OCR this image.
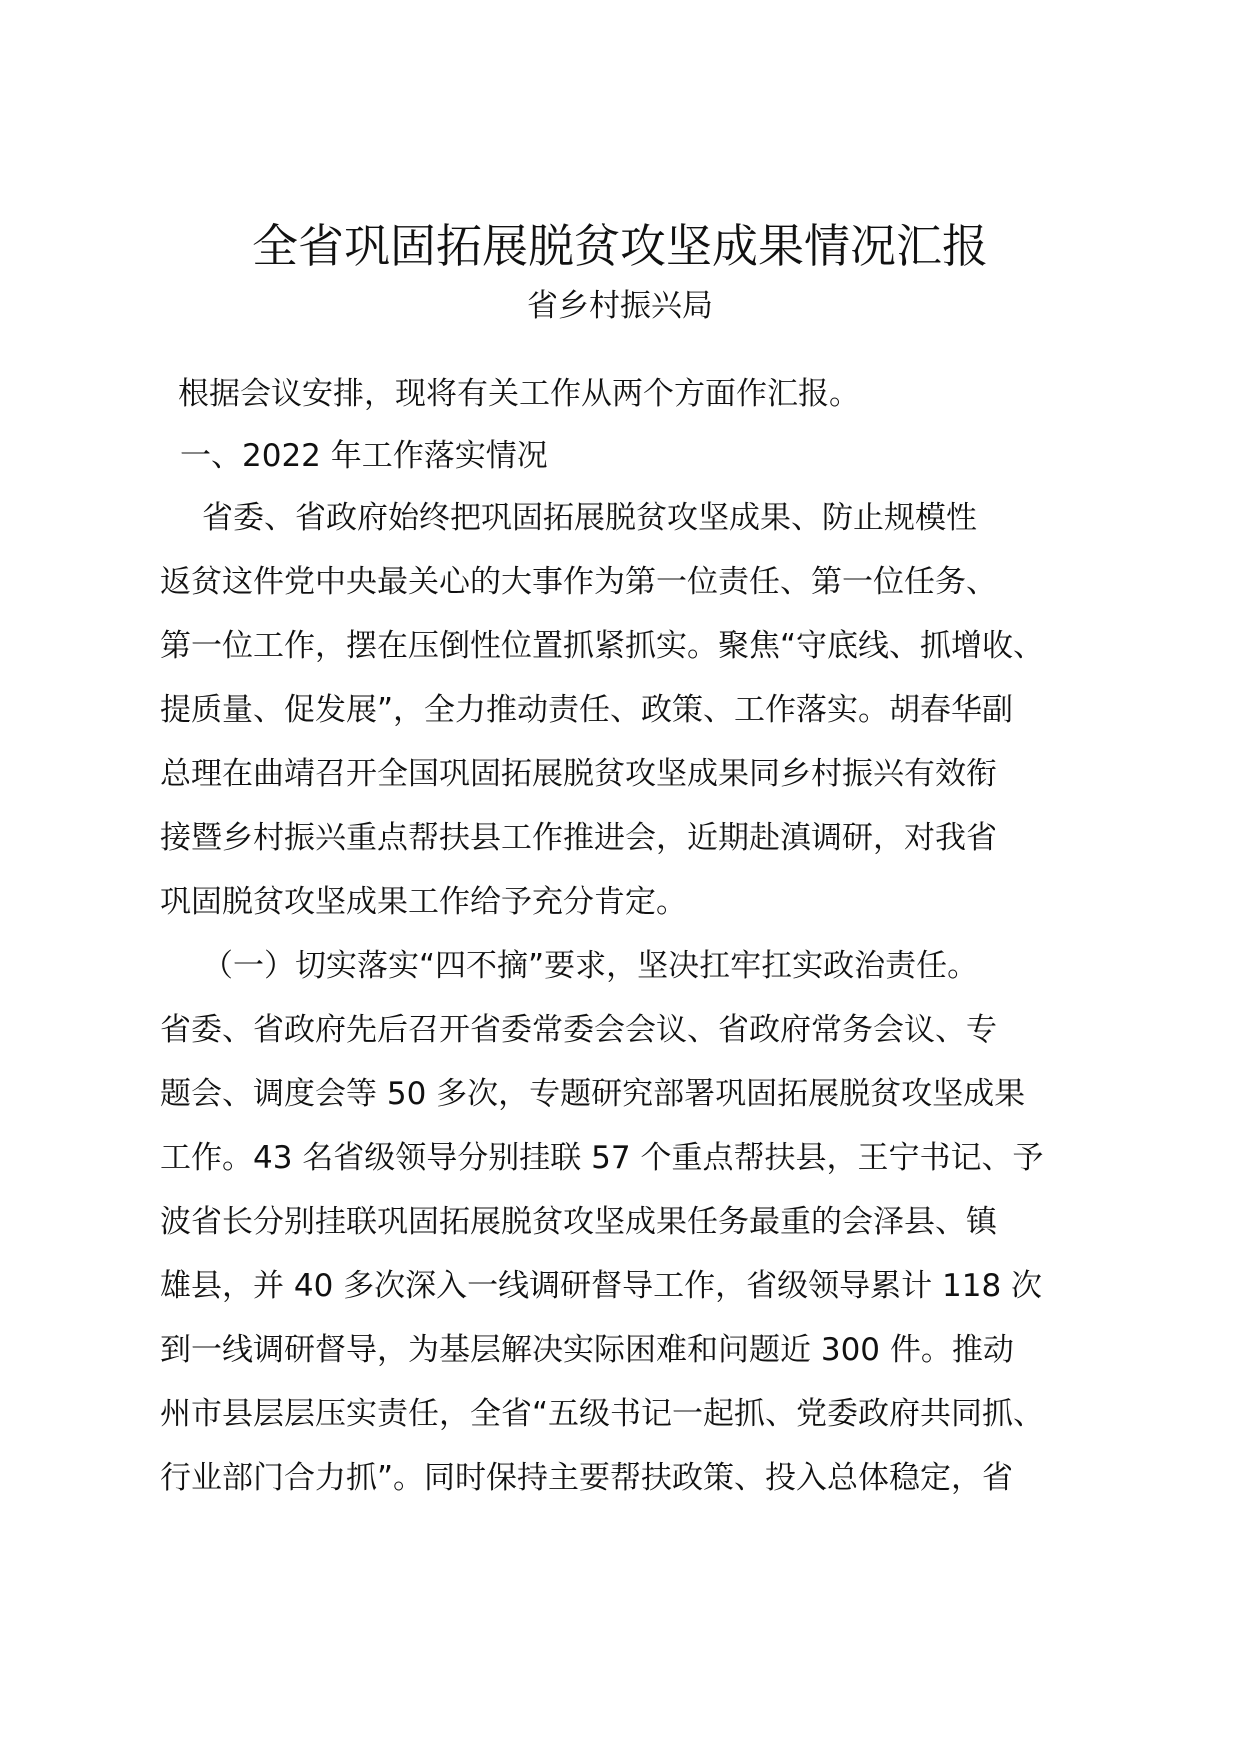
全省巩固拓展脱贫攻坚成果情况汇报
省乡村振兴局
根据会议安排，现将有关工作从两个方面作汇报。
一、2022 年工作落实情况
省委、省政府始终把巩固拓展脱贫攻坚成果、防止规模性
返贫这件党中央最关心的大事作为第一位责任、第一位任务、
第一位工作，摆在压倒性位置抓紧抓实。聚焦“守底线、抓增收、
提质量、促发展”，全力推动责任、政策、工作落实。胡春华副
总理在曲靖召开全国巩固拓展脱贫攻坚成果同乡村振兴有效衔
接暨乡村振兴重点帮扶县工作推进会，近期赴滇调研，对我省
巩固脱贫攻坚成果工作给予充分肯定。
（一）切实落实“四不摘”要求，坚决扛牢扛实政治责任。
省委、省政府先后召开省委常委会会议、省政府常务会议、专
题会、调度会等 50 多次，专题研究部署巩固拓展脱贫攻坚成果
工作。43 名省级领导分别挂联 57 个重点帮扶县，王宁书记、予
波省长分别挂联巩固拓展脱贫攻坚成果任务最重的会泽县、镇
雄县，并 40 多次深入一线调研督导工作，省级领导累计 118 次
到一线调研督导，为基层解决实际困难和问题近 300 件。推动
州市县层层压实责任，全省“五级书记一起抓、党委政府共同抓、
行业部门合力抓”。同时保持主要帮扶政策、投入总体稳定，省
